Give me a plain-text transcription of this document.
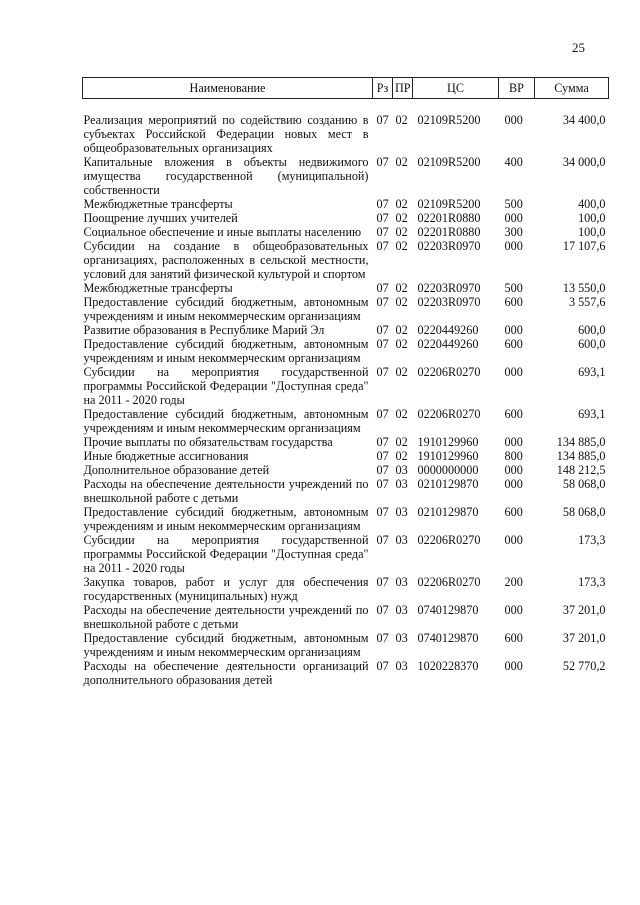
25
Наименование	Рз	ПР	ЦС	ВР	Сумма
Реализация мероприятий по содействию созданию в субъектах Российской Федерации новых мест в общеобразовательных организациях	07	02	02109R5200	000	34 400,0
Капитальные вложения в объекты недвижимого имущества государственной (муниципальной) собственности	07	02	02109R5200	400	34 000,0
Межбюджетные трансферты	07	02	02109R5200	500	400,0
Поощрение лучших учителей	07	02	02201R0880	000	100,0
Социальное обеспечение и иные выплаты населению	07	02	02201R0880	300	100,0
Субсидии на создание в общеобразовательных организациях, расположенных в сельской местности, условий для занятий физической культурой и спортом	07	02	02203R0970	000	17 107,6
Межбюджетные трансферты	07	02	02203R0970	500	13 550,0
Предоставление субсидий бюджетным, автономным учреждениям и иным некоммерческим организациям	07	02	02203R0970	600	3 557,6
Развитие образования в Республике Марий Эл	07	02	0220449260	000	600,0
Предоставление субсидий бюджетным, автономным учреждениям и иным некоммерческим организациям	07	02	0220449260	600	600,0
Субсидии на мероприятия государственной программы Российской Федерации "Доступная среда" на 2011 - 2020 годы	07	02	02206R0270	000	693,1
Предоставление субсидий бюджетным, автономным учреждениям и иным некоммерческим организациям	07	02	02206R0270	600	693,1
Прочие выплаты по обязательствам государства	07	02	1910129960	000	134 885,0
Иные бюджетные ассигнования	07	02	1910129960	800	134 885,0
Дополнительное образование детей	07	03	0000000000	000	148 212,5
Расходы на обеспечение деятельности учреждений по внешкольной работе с детьми	07	03	0210129870	000	58 068,0
Предоставление субсидий бюджетным, автономным учреждениям и иным некоммерческим организациям	07	03	0210129870	600	58 068,0
Субсидии на мероприятия государственной программы Российской Федерации "Доступная среда" на 2011 - 2020 годы	07	03	02206R0270	000	173,3
Закупка товаров, работ и услуг для обеспечения государственных (муниципальных) нужд	07	03	02206R0270	200	173,3
Расходы на обеспечение деятельности учреждений по внешкольной работе с детьми	07	03	0740129870	000	37 201,0
Предоставление субсидий бюджетным, автономным учреждениям и иным некоммерческим организациям	07	03	0740129870	600	37 201,0
Расходы на обеспечение деятельности организаций дополнительного образования детей	07	03	1020228370	000	52 770,2
